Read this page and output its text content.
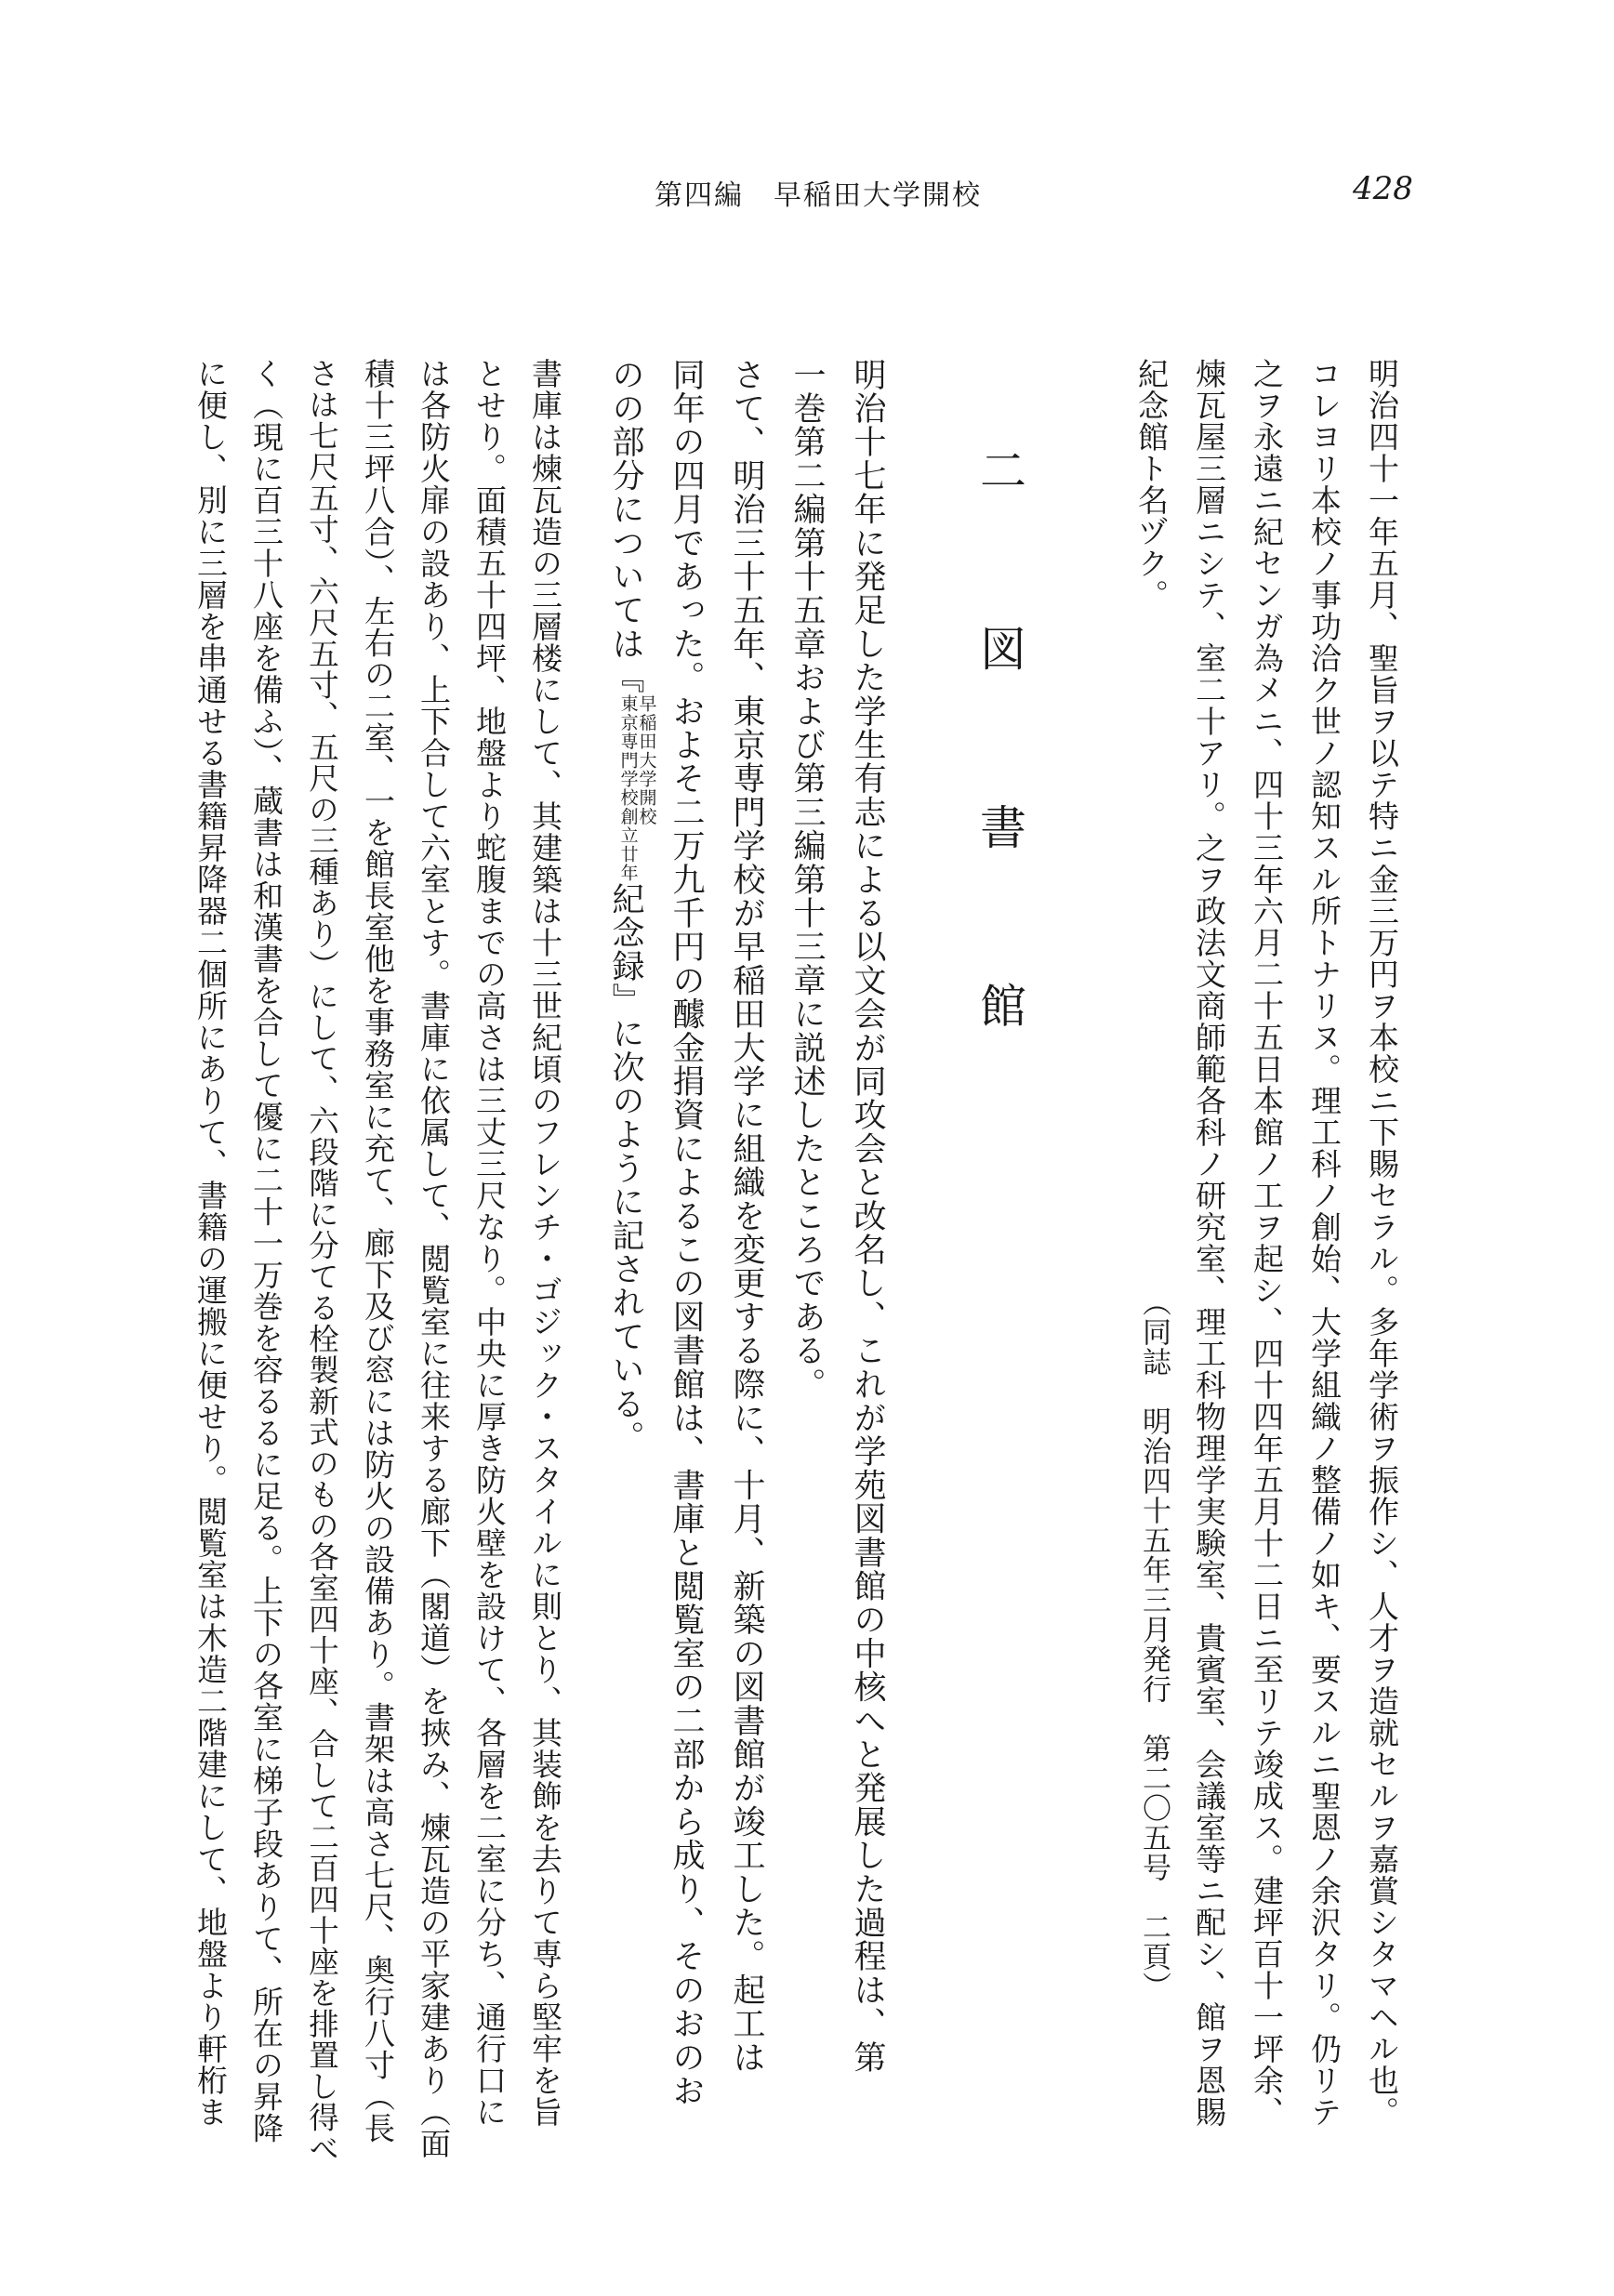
第四編　早稲田大学開校	428
明治四十一年五月、聖旨ヲ以テ特ニ金三万円ヲ本校ニ下賜セラル。多年学術ヲ振作シ、人才ヲ造就セルヲ嘉賞シタマヘル也。
コレヨリ本校ノ事功洽ク世ノ認知スル所トナリヌ。理工科ノ創始、大学組織ノ整備ノ如キ、要スルニ聖恩ノ余沢タリ。仍リテ
之ヲ永遠ニ紀センガ為メニ、四十三年六月二十五日本館ノ工ヲ起シ、四十四年五月十二日ニ至リテ竣成ス。建坪百十一坪余、
煉瓦屋三層ニシテ、室二十アリ。之ヲ政法文商師範各科ノ研究室、理工科物理学実験室、貴賓室、会議室等ニ配シ、館ヲ恩賜
紀念館ト名ヅク。
（同誌　明治四十五年三月発行　第二〇五号　二頁）
二　図　書　館
明治十七年に発足した学生有志による以文会が同攻会と改名し、これが学苑図書館の中核へと発展した過程は、第
一巻第二編第十五章および第三編第十三章に説述したところである。
さて、明治三十五年、東京専門学校が早稲田大学に組織を変更する際に、十月、新築の図書館が竣工した。起工は
同年の四月であった。およそ二万九千円の醵金捐資によるこの図書館は、書庫と閲覧室の二部から成り、そのおのお
のの部分については『
早稲田大学開校
東京専門学校創立廿年
紀念録』に次のように記されている。
書庫は煉瓦造の三層楼にして、其建築は十三世紀頃のフレンチ・ゴジック・スタイルに則とり、其装飾を去りて専ら堅牢を旨
とせり。面積五十四坪、地盤より蛇腹までの高さは三丈三尺なり。中央に厚き防火壁を設けて、各層を二室に分ち、通行口に
は各防火扉の設あり、上下合して六室とす。書庫に依属して、閲覧室に往来する廊下（閣道）を挾み、煉瓦造の平家建あり（面
積十三坪八合）、左右の二室、一を館長室他を事務室に充て、廊下及び窓には防火の設備あり。書架は高さ七尺、奥行八寸（長
さは七尺五寸、六尺五寸、五尺の三種あり）にして、六段階に分てる栓製新式のもの各室四十座、合して二百四十座を排置し得べ
く（現に百三十八座を備ふ）、蔵書は和漢書を合して優に二十一万巻を容るるに足る。上下の各室に梯子段ありて、所在の昇降
に便し、別に三層を串通せる書籍昇降器二個所にありて、書籍の運搬に便せり。閲覧室は木造二階建にして、地盤より軒桁ま
